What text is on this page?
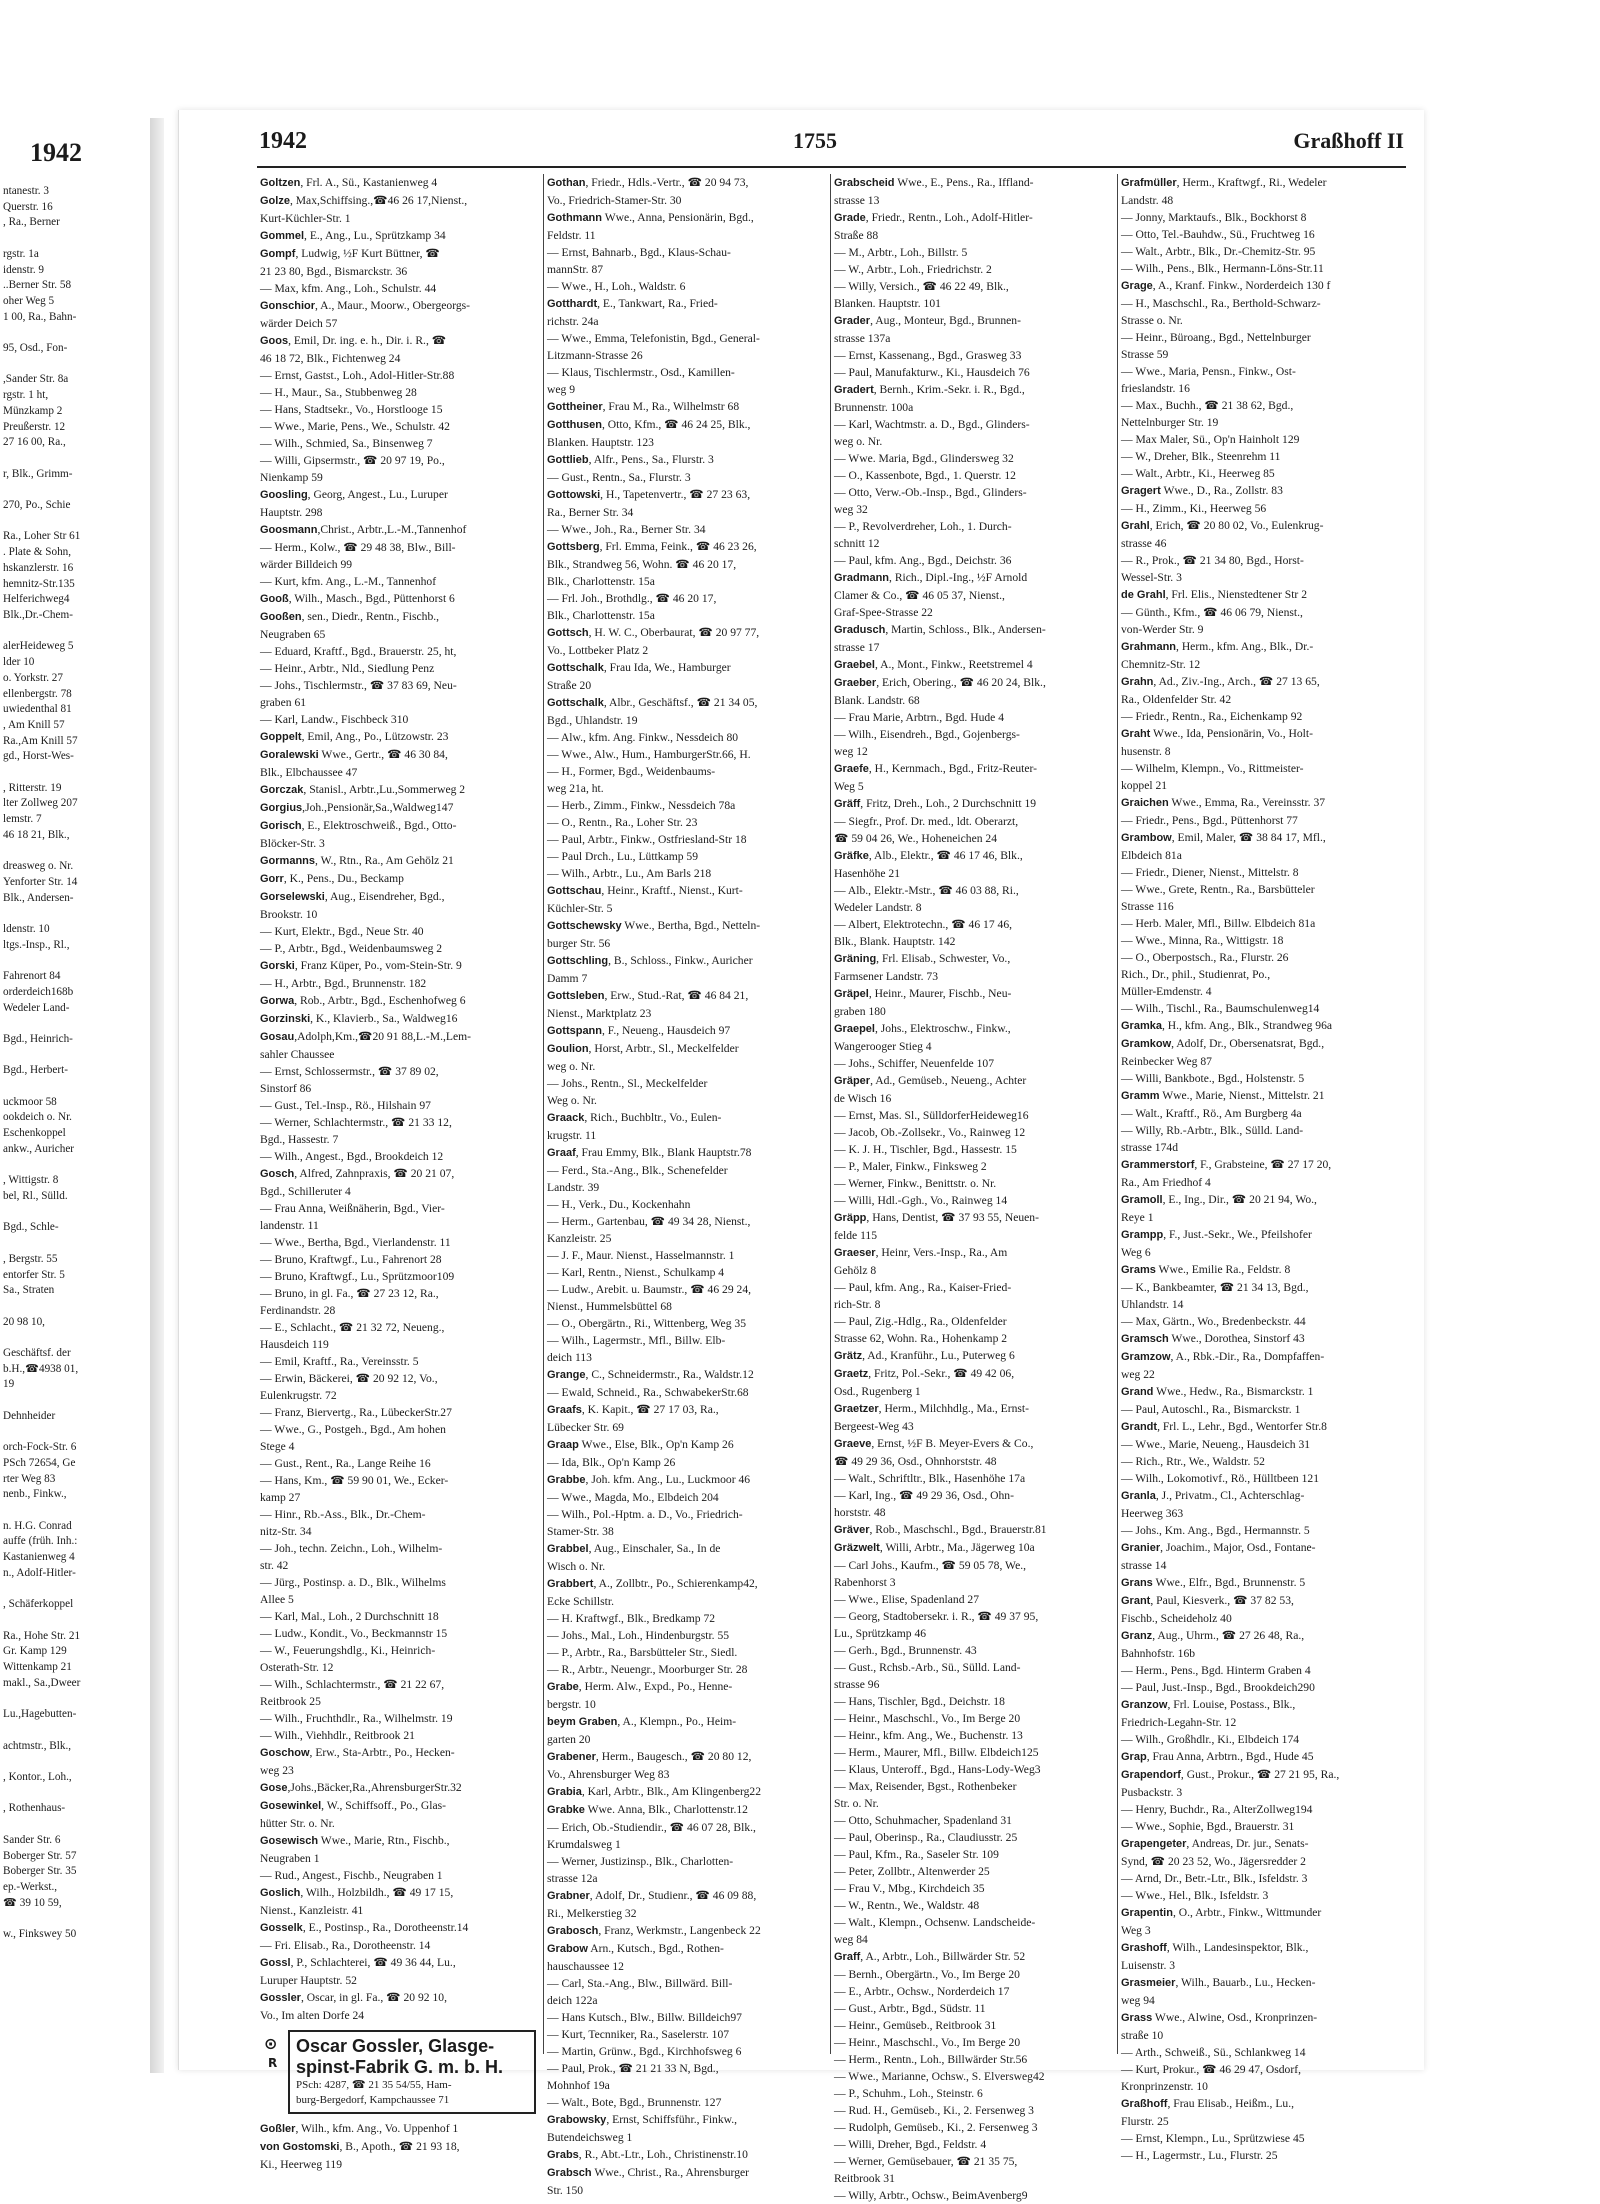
1942
ntanestr. 3
Querstr. 16
, Ra., Berner

rgstr. 1a
idenstr. 9
..Berner Str. 58
oher Weg 5
1 00, Ra., Bahn-

95, Osd., Fon-

,Sander Str. 8a
rgstr. 1 ht,
Münzkamp 2
Preußerstr. 12
27 16 00, Ra.,

r, Blk., Grimm-

270, Po., Schie

Ra., Loher Str 61
. Plate & Sohn,
hskanzlerstr. 16
hemnitz-Str.135
Helferichweg4
Blk.,Dr.-Chem-

alerHeideweg 5
lder 10
o. Yorkstr. 27
ellenbergstr. 78
uwiedenthal 81
, Am Knill 57
Ra.,Am Knill 57
gd., Horst-Wes-

, Ritterstr. 19
lter Zollweg 207
lemstr. 7
46 18 21, Blk.,

dreasweg o. Nr.
Yenforter Str. 14
Blk., Andersen-

ldenstr. 10
ltgs.-Insp., Rl.,

Fahrenort 84
orderdeich168b
Wedeler Land-

Bgd., Heinrich-

Bgd., Herbert-

uckmoor 58
ookdeich o. Nr.
Eschenkoppel
ankw., Auricher

, Wittigstr. 8
bel, Rl., Sülld.

Bgd., Schle-

, Bergstr. 55
entorfer Str. 5
Sa., Straten

20 98 10,

Geschäftsf. der
b.H.,☎4938 01,
19

Dehnheider

orch-Fock-Str. 6
PSch 72654, Ge
rter Weg 83
nenb., Finkw.,

n. H.G. Conrad
auffe (früh. Inh.:
Kastanienweg 4
n., Adolf-Hitler-

, Schäferkoppel

Ra., Hohe Str. 21
Gr. Kamp 129
Wittenkamp 21
makl., Sa.,Dweer

Lu.,Hagebutten-

achtmstr., Blk.,

, Kontor., Loh.,

, Rothenhaus-

Sander Str. 6
Boberger Str. 57
Boberger Str. 35
ep.-Werkst.,
☎ 39 10 59,

w., Finkswey 50
1942	1755	Graßhoff II
Goltzen, Frl. A., Sü., Kastanienweg 4
Golze, Max,Schiffsing.,☎46 26 17,Nienst.,
Kurt-Küchler-Str. 1
Gommel, E., Ang., Lu., Sprützkamp 34
Gompf, Ludwig, ½F Kurt Büttner, ☎
21 23 80, Bgd., Bismarckstr. 36
— Max, kfm. Ang., Loh., Schulstr. 44
Gonschior, A., Maur., Moorw., Obergeorgs-
wärder Deich 57
Goos, Emil, Dr. ing. e. h., Dir. i. R., ☎
46 18 72, Blk., Fichtenweg 24
— Ernst, Gastst., Loh., Adol-Hitler-Str.88
— H., Maur., Sa., Stubbenweg 28
— Hans, Stadtsekr., Vo., Horstlooge 15
— Wwe., Marie, Pens., We., Schulstr. 42
— Wilh., Schmied, Sa., Binsenweg 7
— Willi, Gipsermstr., ☎ 20 97 19, Po.,
Nienkamp 59
Goosling, Georg, Angest., Lu., Luruper
Hauptstr. 298
Goosmann,Christ., Arbtr.,L.-M.,Tannenhof
— Herm., Kolw., ☎ 29 48 38, Blw., Bill-
wärder Billdeich 99
— Kurt, kfm. Ang., L.-M., Tannenhof
Gooß, Wilh., Masch., Bgd., Püttenhorst 6
Gooßen, sen., Diedr., Rentn., Fischb.,
Neugraben 65
— Eduard, Kraftf., Bgd., Brauerstr. 25, ht,
— Heinr., Arbtr., Nld., Siedlung Penz
— Johs., Tischlermstr., ☎ 37 83 69, Neu-
graben 61
— Karl, Landw., Fischbeck 310
Goppelt, Emil, Ang., Po., Lützowstr. 23
Goralewski Wwe., Gertr., ☎ 46 30 84,
Blk., Elbchaussee 47
Gorczak, Stanisl., Arbtr.,Lu.,Sommerweg 2
Gorgius,Joh.,Pensionär,Sa.,Waldweg147
Gorisch, E., Elektroschweiß., Bgd., Otto-
Blöcker-Str. 3
Gormanns, W., Rtn., Ra., Am Gehölz 21
Gorr, K., Pens., Du., Beckamp
Gorselewski, Aug., Eisendreher, Bgd.,
Brookstr. 10
— Kurt, Elektr., Bgd., Neue Str. 40
— P., Arbtr., Bgd., Weidenbaumsweg 2
Gorski, Franz Küper, Po., vom-Stein-Str. 9
— H., Arbtr., Bgd., Brunnenstr. 182
Gorwa, Rob., Arbtr., Bgd., Eschenhofweg 6
Gorzinski, K., Klavierb., Sa., Waldweg16
Gosau,Adolph,Km.,☎20 91 88,L.-M.,Lem-
sahler Chaussee
— Ernst, Schlossermstr., ☎ 37 89 02,
Sinstorf 86
— Gust., Tel.-Insp., Rö., Hilshain 97
— Werner, Schlachtermstr., ☎ 21 33 12,
Bgd., Hassestr. 7
— Wilh., Angest., Bgd., Brookdeich 12
Gosch, Alfred, Zahnpraxis, ☎ 20 21 07,
Bgd., Schilleruter 4
— Frau Anna, Weißnäherin, Bgd., Vier-
landenstr. 11
— Wwe., Bertha, Bgd., Vierlandenstr. 11
— Bruno, Kraftwgf., Lu., Fahrenort 28
— Bruno, Kraftwgf., Lu., Sprützmoor109
— Bruno, in gl. Fa., ☎ 27 23 12, Ra.,
Ferdinandstr. 28
— E., Schlacht., ☎ 21 32 72, Neueng.,
Hausdeich 119
— Emil, Kraftf., Ra., Vereinsstr. 5
— Erwin, Bäckerei, ☎ 20 92 12, Vo.,
Eulenkrugstr. 72
— Franz, Biervertg., Ra., LübeckerStr.27
— Wwe., G., Postgeh., Bgd., Am hohen
Stege 4
— Gust., Rent., Ra., Lange Reihe 16
— Hans, Km., ☎ 59 90 01, We., Ecker-
kamp 27
— Hinr., Rb.-Ass., Blk., Dr.-Chem-
nitz-Str. 34
— Joh., techn. Zeichn., Loh., Wilhelm-
str. 42
— Jürg., Postinsp. a. D., Blk., Wilhelms
Allee 5
— Karl, Mal., Loh., 2 Durchschnitt 18
— Ludw., Kondit., Vo., Beckmannstr 15
— W., Feuerungshdlg., Ki., Heinrich-
Osterath-Str. 12
— Wilh., Schlachtermstr., ☎ 21 22 67,
Reitbrook 25
— Wilh., Fruchthdlr., Ra., Wilhelmstr. 19
— Wilh., Viehhdlr., Reitbrook 21
Goschow, Erw., Sta-Arbtr., Po., Hecken-
weg 23
Gose,Johs.,Bäcker,Ra.,AhrensburgerStr.32
Gosewinkel, W., Schiffsoff., Po., Glas-
hütter Str. o. Nr.
Gosewisch Wwe., Marie, Rtn., Fischb.,
Neugraben 1
— Rud., Angest., Fischb., Neugraben 1
Goslich, Wilh., Holzbildh., ☎ 49 17 15,
Nienst., Kanzleistr. 41
Gosselk, E., Postinsp., Ra., Dorotheenstr.14
— Fri. Elisab., Ra., Dorotheenstr. 14
Gossl, P., Schlachterei, ☎ 49 36 44, Lu.,
Luruper Hauptstr. 52
Gossler, Oscar, in gl. Fa., ☎ 20 92 10,
Vo., Im alten Dorfe 24
⊙
R
Oscar Gossler, Glasge-
spinst-Fabrik G. m. b. H.
PSch: 4287, ☎ 21 35 54/55, Ham-
burg-Bergedorf, Kampchaussee 71
Goßler, Wilh., kfm. Ang., Vo. Uppenhof 1
von Gostomski, B., Apoth., ☎ 21 93 18,
Ki., Heerweg 119
Gothan, Friedr., Hdls.-Vertr., ☎ 20 94 73,
Vo., Friedrich-Stamer-Str. 30
Gothmann Wwe., Anna, Pensionärin, Bgd.,
Feldstr. 11
— Ernst, Bahnarb., Bgd., Klaus-Schau-
mannStr. 87
— Wwe., H., Loh., Waldstr. 6
Gotthardt, E., Tankwart, Ra., Fried-
richstr. 24a
— Wwe., Emma, Telefonistin, Bgd., General-
Litzmann-Strasse 26
— Klaus, Tischlermstr., Osd., Kamillen-
weg 9
Gottheiner, Frau M., Ra., Wilhelmstr 68
Gotthusen, Otto, Kfm., ☎ 46 24 25, Blk.,
Blanken. Hauptstr. 123
Gottlieb, Alfr., Pens., Sa., Flurstr. 3
— Gust., Rentn., Sa., Flurstr. 3
Gottowski, H., Tapetenvertr., ☎ 27 23 63,
Ra., Berner Str. 34
— Wwe., Joh., Ra., Berner Str. 34
Gottsberg, Frl. Emma, Feink., ☎ 46 23 26,
Blk., Strandweg 56, Wohn. ☎ 46 20 17,
Blk., Charlottenstr. 15a
— Frl. Joh., Brothdlg., ☎ 46 20 17,
Blk., Charlottenstr. 15a
Gottsch, H. W. C., Oberbaurat, ☎ 20 97 77,
Vo., Lottbeker Platz 2
Gottschalk, Frau Ida, We., Hamburger
Straße 20
Gottschalk, Albr., Geschäftsf., ☎ 21 34 05,
Bgd., Uhlandstr. 19
— Alw., kfm. Ang. Finkw., Nessdeich 80
— Wwe., Alw., Hum., HamburgerStr.66, H.
— H., Former, Bgd., Weidenbaums-
weg 21a, ht.
— Herb., Zimm., Finkw., Nessdeich 78a
— O., Rentn., Ra., Loher Str. 23
— Paul, Arbtr., Finkw., Ostfriesland-Str 18
— Paul Drch., Lu., Lüttkamp 59
— Wilh., Arbtr., Lu., Am Barls 218
Gottschau, Heinr., Kraftf., Nienst., Kurt-
Küchler-Str. 5
Gottschewsky Wwe., Bertha, Bgd., Netteln-
burger Str. 56
Gottschling, B., Schloss., Finkw., Auricher
Damm 7
Gottsleben, Erw., Stud.-Rat, ☎ 46 84 21,
Nienst., Marktplatz 23
Gottspann, F., Neueng., Hausdeich 97
Goulion, Horst, Arbtr., Sl., Meckelfelder
weg o. Nr.
— Johs., Rentn., Sl., Meckelfelder
Weg o. Nr.
Graack, Rich., Buchbltr., Vo., Eulen-
krugstr. 11
Graaf, Frau Emmy, Blk., Blank Hauptstr.78
— Ferd., Sta.-Ang., Blk., Schenefelder
Landstr. 39
— H., Verk., Du., Kockenhahn
— Herm., Gartenbau, ☎ 49 34 28, Nienst.,
Kanzleistr. 25
— J. F., Maur. Nienst., Hasselmannstr. 1
— Karl, Rentn., Nienst., Schulkamp 4
— Ludw., Arebit. u. Baumstr., ☎ 46 29 24,
Nienst., Hummelsbüttel 68
— O., Obergärtn., Ri., Wittenberg, Weg 35
— Wilh., Lagermstr., Mfl., Billw. Elb-
deich 113
Grange, C., Schneidermstr., Ra., Waldstr.12
— Ewald, Schneid., Ra., SchwabekerStr.68
Graafs, K. Kapit., ☎ 27 17 03, Ra.,
Lübecker Str. 69
Graap Wwe., Else, Blk., Op'n Kamp 26
— Ida, Blk., Op'n Kamp 26
Grabbe, Joh. kfm. Ang., Lu., Luckmoor 46
— Wwe., Magda, Mo., Elbdeich 204
— Wilh., Pol.-Hptm. a. D., Vo., Friedrich-
Stamer-Str. 38
Grabbel, Aug., Einschaler, Sa., In de
Wisch o. Nr.
Grabbert, A., Zollbtr., Po., Schierenkamp42,
Ecke Schillstr.
— H. Kraftwgf., Blk., Bredkamp 72
— Johs., Mal., Loh., Hindenburgstr. 55
— P., Arbtr., Ra., Barsbütteler Str., Siedl.
— R., Arbtr., Neuengr., Moorburger Str. 28
Grabe, Herm. Alw., Expd., Po., Henne-
bergstr. 10
beym Graben, A., Klempn., Po., Heim-
garten 20
Grabener, Herm., Baugesch., ☎ 20 80 12,
Vo., Ahrensburger Weg 83
Grabia, Karl, Arbtr., Blk., Am Klingenberg22
Grabke Wwe. Anna, Blk., Charlottenstr.12
— Erich, Ob.-Studiendir., ☎ 46 07 28, Blk.,
Krumdalsweg 1
— Werner, Justizinsp., Blk., Charlotten-
strasse 12a
Grabner, Adolf, Dr., Studienr., ☎ 46 09 88,
Ri., Melkerstieg 32
Grabosch, Franz, Werkmstr., Langenbeck 22
Grabow Arn., Kutsch., Bgd., Rothen-
hauschaussee 12
— Carl, Sta.-Ang., Blw., Billwärd. Bill-
deich 122a
— Hans Kutsch., Blw., Billw. Billdeich97
— Kurt, Tecnniker, Ra., Saselerstr. 107
— Martin, Grünw., Bgd., Kirchhofsweg 6
— Paul, Prok., ☎ 21 21 33 N, Bgd.,
Mohnhof 19a
— Walt., Bote, Bgd., Brunnenstr. 127
Grabowsky, Ernst, Schiffsführ., Finkw.,
Butendeichsweg 1
Grabs, R., Abt.-Ltr., Loh., Christinenstr.10
Grabsch Wwe., Christ., Ra., Ahrensburger
Str. 150
Grabscheid Wwe., E., Pens., Ra., Iffland-
strasse 13
Grade, Friedr., Rentn., Loh., Adolf-Hitler-
Straße 88
— M., Arbtr., Loh., Billstr. 5
— W., Arbtr., Loh., Friedrichstr. 2
— Willy, Versich., ☎ 46 22 49, Blk.,
Blanken. Hauptstr. 101
Grader, Aug., Monteur, Bgd., Brunnen-
strasse 137a
— Ernst, Kassenang., Bgd., Grasweg 33
— Paul, Manufakturw., Ki., Hausdeich 76
Gradert, Bernh., Krim.-Sekr. i. R., Bgd.,
Brunnenstr. 100a
— Karl, Wachtmstr. a. D., Bgd., Glinders-
weg o. Nr.
— Wwe. Maria, Bgd., Glindersweg 32
— O., Kassenbote, Bgd., 1. Querstr. 12
— Otto, Verw.-Ob.-Insp., Bgd., Glinders-
weg 32
— P., Revolverdreher, Loh., 1. Durch-
schnitt 12
— Paul, kfm. Ang., Bgd., Deichstr. 36
Gradmann, Rich., Dipl.-Ing., ½F Arnold
Clamer & Co., ☎ 46 05 37, Nienst.,
Graf-Spee-Strasse 22
Gradusch, Martin, Schloss., Blk., Andersen-
strasse 17
Graebel, A., Mont., Finkw., Reetstremel 4
Graeber, Erich, Obering., ☎ 46 20 24, Blk.,
Blank. Landstr. 68
— Frau Marie, Arbtrn., Bgd. Hude 4
— Wilh., Eisendreh., Bgd., Gojenbergs-
weg 12
Graefe, H., Kernmach., Bgd., Fritz-Reuter-
Weg 5
Gräff, Fritz, Dreh., Loh., 2 Durchschnitt 19
— Siegfr., Prof. Dr. med., ldt. Oberarzt,
☎ 59 04 26, We., Hoheneichen 24
Gräfke, Alb., Elektr., ☎ 46 17 46, Blk.,
Hasenhöhe 21
— Alb., Elektr.-Mstr., ☎ 46 03 88, Ri.,
Wedeler Landstr. 8
— Albert, Elektrotechn., ☎ 46 17 46,
Blk., Blank. Hauptstr. 142
Gräning, Frl. Elisab., Schwester, Vo.,
Farmsener Landstr. 73
Gräpel, Heinr., Maurer, Fischb., Neu-
graben 180
Graepel, Johs., Elektroschw., Finkw.,
Wangerooger Stieg 4
— Johs., Schiffer, Neuenfelde 107
Gräper, Ad., Gemüseb., Neueng., Achter
de Wisch 16
— Ernst, Mas. Sl., SülldorferHeideweg16
— Jacob, Ob.-Zollsekr., Vo., Rainweg 12
— K. J. H., Tischler, Bgd., Hassestr. 15
— P., Maler, Finkw., Finksweg 2
— Werner, Finkw., Benittstr. o. Nr.
— Willi, Hdl.-Ggh., Vo., Rainweg 14
Gräpp, Hans, Dentist, ☎ 37 93 55, Neuen-
felde 115
Graeser, Heinr, Vers.-Insp., Ra., Am
Gehölz 8
— Paul, kfm. Ang., Ra., Kaiser-Fried-
rich-Str. 8
— Paul, Zig.-Hdlg., Ra., Oldenfelder
Strasse 62, Wohn. Ra., Hohenkamp 2
Grätz, Ad., Kranführ., Lu., Puterweg 6
Graetz, Fritz, Pol.-Sekr., ☎ 49 42 06,
Osd., Rugenberg 1
Graetzer, Herm., Milchhdlg., Ma., Ernst-
Bergeest-Weg 43
Graeve, Ernst, ½F B. Meyer-Evers & Co.,
☎ 49 29 36, Osd., Ohnhorststr. 48
— Walt., Schriftltr., Blk., Hasenhöhe 17a
— Karl, Ing., ☎ 49 29 36, Osd., Ohn-
horststr. 48
Gräver, Rob., Maschschl., Bgd., Brauerstr.81
Gräzwelt, Willi, Arbtr., Ma., Jägerweg 10a
— Carl Johs., Kaufm., ☎ 59 05 78, We.,
Rabenhorst 3
— Wwe., Elise, Spadenland 27
— Georg, Stadtobersekr. i. R., ☎ 49 37 95,
Lu., Sprützkamp 46
— Gerh., Bgd., Brunnenstr. 43
— Gust., Rchsb.-Arb., Sü., Sülld. Land-
strasse 96
— Hans, Tischler, Bgd., Deichstr. 18
— Heinr., Maschschl., Vo., Im Berge 20
— Heinr., kfm. Ang., We., Buchenstr. 13
— Herm., Maurer, Mfl., Billw. Elbdeich125
— Klaus, Unteroff., Bgd., Hans-Lody-Weg3
— Max, Reisender, Bgst., Rothenbeker
Str. o. Nr.
— Otto, Schuhmacher, Spadenland 31
— Paul, Oberinsp., Ra., Claudiusstr. 25
— Paul, Kfm., Ra., Saseler Str. 109
— Peter, Zollbtr., Altenwerder 25
— Frau V., Mbg., Kirchdeich 35
— W., Rentn., We., Waldstr. 48
— Walt., Klempn., Ochsenw. Landscheide-
weg 84
Graff, A., Arbtr., Loh., Billwärder Str. 52
— Bernh., Obergärtn., Vo., Im Berge 20
— E., Arbtr., Ochsw., Norderdeich 17
— Gust., Arbtr., Bgd., Südstr. 11
— Heinr., Gemüseb., Reitbrook 31
— Heinr., Maschschl., Vo., Im Berge 20
— Herm., Rentn., Loh., Billwärder Str.56
— Wwe., Marianne, Ochsw., S. Elversweg42
— P., Schuhm., Loh., Steinstr. 6
— Rud. H., Gemüseb., Ki., 2. Fersenweg 3
— Rudolph, Gemüseb., Ki., 2. Fersenweg 3
— Willi, Dreher, Bgd., Feldstr. 4
— Werner, Gemüsebauer, ☎ 21 35 75,
Reitbrook 31
— Willy, Arbtr., Ochsw., BeimAvenberg9
Grafmüller, Herm., Kraftwgf., Ri., Wedeler
Landstr. 48
— Jonny, Marktaufs., Blk., Bockhorst 8
— Otto, Tel.-Bauhdw., Sü., Fruchtweg 16
— Walt., Arbtr., Blk., Dr.-Chemitz-Str. 95
— Wilh., Pens., Blk., Hermann-Löns-Str.11
Grage, A., Kranf. Finkw., Norderdeich 130 f
— H., Maschschl., Ra., Berthold-Schwarz-
Strasse o. Nr.
— Heinr., Büroang., Bgd., Nettelnburger
Strasse 59
— Wwe., Maria, Pensn., Finkw., Ost-
frieslandstr. 16
— Max., Buchh., ☎ 21 38 62, Bgd.,
Nettelnburger Str. 19
— Max Maler, Sü., Op'n Hainholt 129
— W., Dreher, Blk., Steenrehm 11
— Walt., Arbtr., Ki., Heerweg 85
Gragert Wwe., D., Ra., Zollstr. 83
— H., Zimm., Ki., Heerweg 56
Grahl, Erich, ☎ 20 80 02, Vo., Eulenkrug-
strasse 46
— R., Prok., ☎ 21 34 80, Bgd., Horst-
Wessel-Str. 3
de Grahl, Frl. Elis., Nienstedtener Str 2
— Günth., Kfm., ☎ 46 06 79, Nienst.,
von-Werder Str. 9
Grahmann, Herm., kfm. Ang., Blk., Dr.-
Chemnitz-Str. 12
Grahn, Ad., Ziv.-Ing., Arch., ☎ 27 13 65,
Ra., Oldenfelder Str. 42
— Friedr., Rentn., Ra., Eichenkamp 92
Graht Wwe., Ida, Pensionärin, Vo., Holt-
husenstr. 8
— Wilhelm, Klempn., Vo., Rittmeister-
koppel 21
Graichen Wwe., Emma, Ra., Vereinsstr. 37
— Friedr., Pens., Bgd., Püttenhorst 77
Grambow, Emil, Maler, ☎ 38 84 17, Mfl.,
Elbdeich 81a
— Friedr., Diener, Nienst., Mittelstr. 8
— Wwe., Grete, Rentn., Ra., Barsbütteler
Strasse 116
— Herb. Maler, Mfl., Billw. Elbdeich 81a
— Wwe., Minna, Ra., Wittigstr. 18
— O., Oberpostsch., Ra., Flurstr. 26
Rich., Dr., phil., Studienrat, Po.,
Müller-Emdenstr. 4
— Wilh., Tischl., Ra., Baumschulenweg14
Gramka, H., kfm. Ang., Blk., Strandweg 96a
Gramkow, Adolf, Dr., Obersenatsrat, Bgd.,
Reinbecker Weg 87
— Willi, Bankbote., Bgd., Holstenstr. 5
Gramm Wwe., Marie, Nienst., Mittelstr. 21
— Walt., Kraftf., Rö., Am Burgberg 4a
— Willy, Rb.-Arbtr., Blk., Sülld. Land-
strasse 174d
Grammerstorf, F., Grabsteine, ☎ 27 17 20,
Ra., Am Friedhof 4
Gramoll, E., Ing., Dir., ☎ 20 21 94, Wo.,
Reye 1
Grampp, F., Just.-Sekr., We., Pfeilshofer
Weg 6
Grams Wwe., Emilie Ra., Feldstr. 8
— K., Bankbeamter, ☎ 21 34 13, Bgd.,
Uhlandstr. 14
— Max, Gärtn., Wo., Bredenbeckstr. 44
Gramsch Wwe., Dorothea, Sinstorf 43
Gramzow, A., Rbk.-Dir., Ra., Dompfaffen-
weg 22
Grand Wwe., Hedw., Ra., Bismarckstr. 1
— Paul, Autoschl., Ra., Bismarckstr. 1
Grandt, Frl. L., Lehr., Bgd., Wentorfer Str.8
— Wwe., Marie, Neueng., Hausdeich 31
— Rich., Rtr., We., Waldstr. 52
— Wilh., Lokomotivf., Rö., Hülltbeen 121
Granla, J., Privatm., Cl., Achterschlag-
Heerweg 363
— Johs., Km. Ang., Bgd., Hermannstr. 5
Granier, Joachim., Major, Osd., Fontane-
strasse 14
Grans Wwe., Elfr., Bgd., Brunnenstr. 5
Grant, Paul, Kiesverk., ☎ 37 82 53,
Fischb., Scheideholz 40
Granz, Aug., Uhrm., ☎ 27 26 48, Ra.,
Bahnhofstr. 16b
— Herm., Pens., Bgd. Hinterm Graben 4
— Paul, Just.-Insp., Bgd., Brookdeich290
Granzow, Frl. Louise, Postass., Blk.,
Friedrich-Legahn-Str. 12
— Wilh., Großhdlr., Ki., Elbdeich 174
Grap, Frau Anna, Arbtrn., Bgd., Hude 45
Grapendorf, Gust., Prokur., ☎ 27 21 95, Ra.,
Pusbackstr. 3
— Henry, Buchdr., Ra., AlterZollweg194
— Wwe., Sophie, Bgd., Brauerstr. 31
Grapengeter, Andreas, Dr. jur., Senats-
Synd, ☎ 20 23 52, Wo., Jägersredder 2
— Arnd, Dr., Betr.-Ltr., Blk., Isfeldstr. 3
— Wwe., Hel., Blk., Isfeldstr. 3
Grapentin, O., Arbtr., Finkw., Wittmunder
Weg 3
Grashoff, Wilh., Landesinspektor, Blk.,
Luisenstr. 3
Grasmeier, Wilh., Bauarb., Lu., Hecken-
weg 94
Grass Wwe., Alwine, Osd., Kronprinzen-
straße 10
— Arth., Schweiß., Sü., Schlankweg 14
— Kurt, Prokur., ☎ 46 29 47, Osdorf,
Kronprinzenstr. 10
Graßhoff, Frau Elisab., Heißm., Lu.,
Flurstr. 25
— Ernst, Klempn., Lu., Sprützwiese 45
— H., Lagermstr., Lu., Flurstr. 25
